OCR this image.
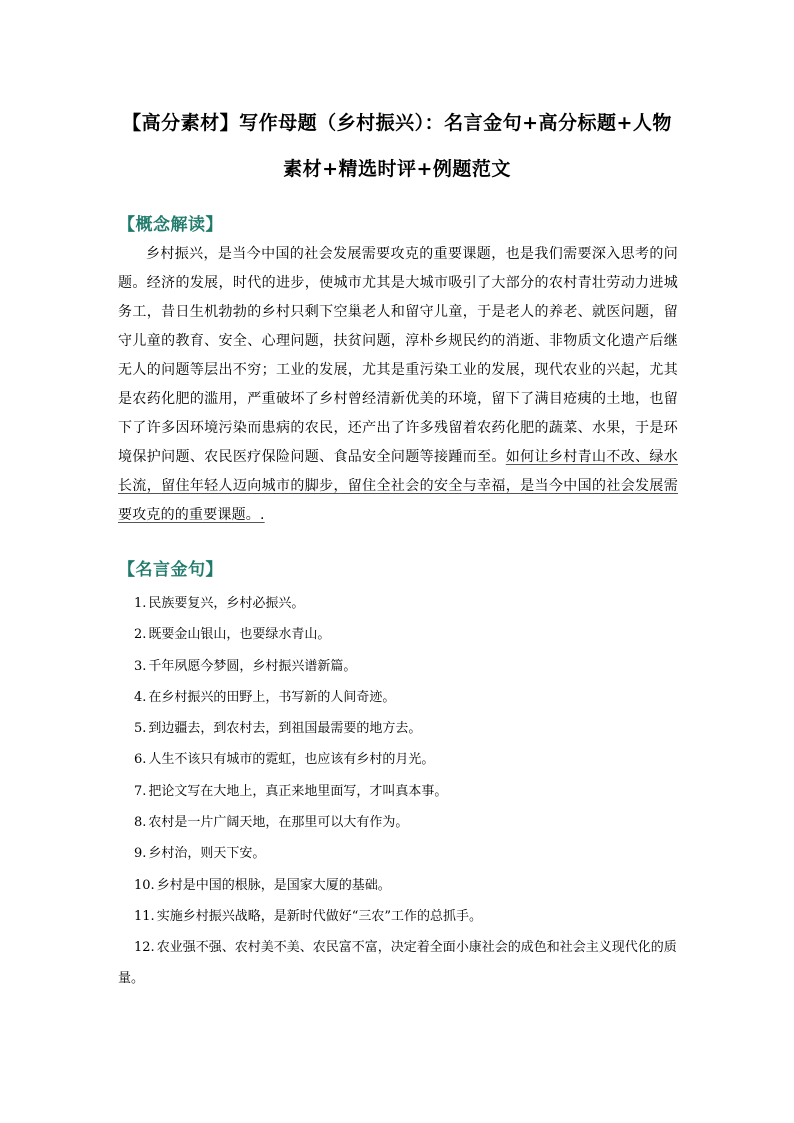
【高分素材】写作母题（乡村振兴）：名言金句+高分标题+人物
素材+精选时评+例题范文
【概念解读】
乡村振兴，是当今中国的社会发展需要攻克的重要课题，也是我们需要深入思考的问题。经济的发展，时代的进步，使城市尤其是大城市吸引了大部分的农村青壮劳动力进城务工，昔日生机勃勃的乡村只剩下空巢老人和留守儿童，于是老人的养老、就医问题，留守儿童的教育、安全、心理问题，扶贫问题，淳朴乡规民约的消逝、非物质文化遗产后继无人的问题等层出不穷；工业的发展，尤其是重污染工业的发展，现代农业的兴起，尤其是农药化肥的滥用，严重破坏了乡村曾经清新优美的环境，留下了满目疮痍的土地，也留下了许多因环境污染而患病的农民，还产出了许多残留着农药化肥的蔬菜、水果，于是环境保护问题、农民医疗保险问题、食品安全问题等接踵而至。如何让乡村青山不改、绿水长流，留住年轻人迈向城市的脚步，留住全社会的安全与幸福，是当今中国的社会发展需要攻克的的重要课题。.
【名言金句】
1. 民族要复兴，乡村必振兴。
2. 既要金山银山，也要绿水青山。
3. 千年夙愿今梦圆，乡村振兴谱新篇。
4. 在乡村振兴的田野上，书写新的人间奇迹。
5. 到边疆去，到农村去，到祖国最需要的地方去。
6. 人生不该只有城市的霓虹，也应该有乡村的月光。
7. 把论文写在大地上，真正来地里面写，才叫真本事。
8. 农村是一片广阔天地，在那里可以大有作为。
9. 乡村治，则天下安。
10. 乡村是中国的根脉，是国家大厦的基础。
11. 实施乡村振兴战略，是新时代做好“三农”工作的总抓手。
12. 农业强不强、农村美不美、农民富不富，决定着全面小康社会的成色和社会主义现代化的质量。
